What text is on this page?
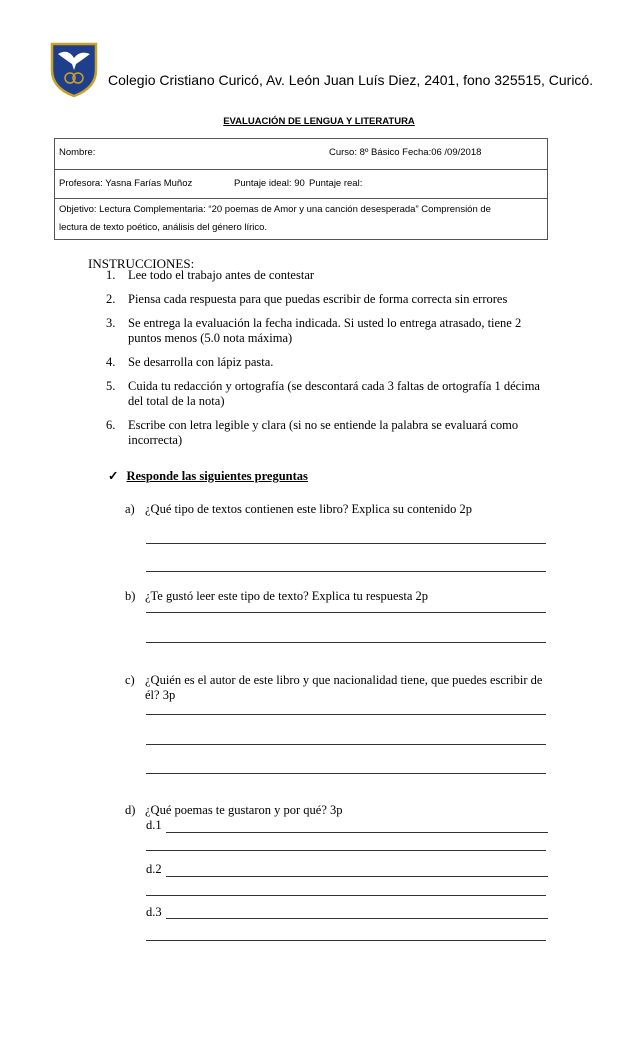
Colegio Cristiano Curicó, Av. León Juan Luís Diez, 2401, fono 325515, Curicó.
EVALUACIÓN DE LENGUA Y LITERATURA
Nombre:	Curso: 8º Básico Fecha:06 /09/2018
Profesora: Yasna Farías Muñoz	Puntaje ideal: 90 Puntaje real:
Objetivo: Lectura Complementaria: “20 poemas de Amor y una canción desesperada” Comprensión de
lectura de texto poético, análisis del género lírico.
INSTRUCCIONES:
1. Lee todo el trabajo antes de contestar
2. Piensa cada respuesta para que puedas escribir de forma correcta sin errores
3. Se entrega la evaluación la fecha indicada. Si usted lo entrega atrasado, tiene 2 puntos menos (5.0 nota máxima)
4. Se desarrolla con lápiz pasta.
5. Cuida tu redacción y ortografía (se descontará cada 3 faltas de ortografía 1 décima del total de la nota)
6. Escribe con letra legible y clara (si no se entiende la palabra se evaluará como incorrecta)
✓ Responde las siguientes preguntas
a) ¿Qué tipo de textos contienen este libro? Explica su contenido 2p
b) ¿Te gustó leer este tipo de texto? Explica tu respuesta 2p
c) ¿Quién es el autor de este libro y que nacionalidad tiene, que puedes escribir de él? 3p
d) ¿Qué poemas te gustaron y por qué? 3p
d.1
d.2
d.3
